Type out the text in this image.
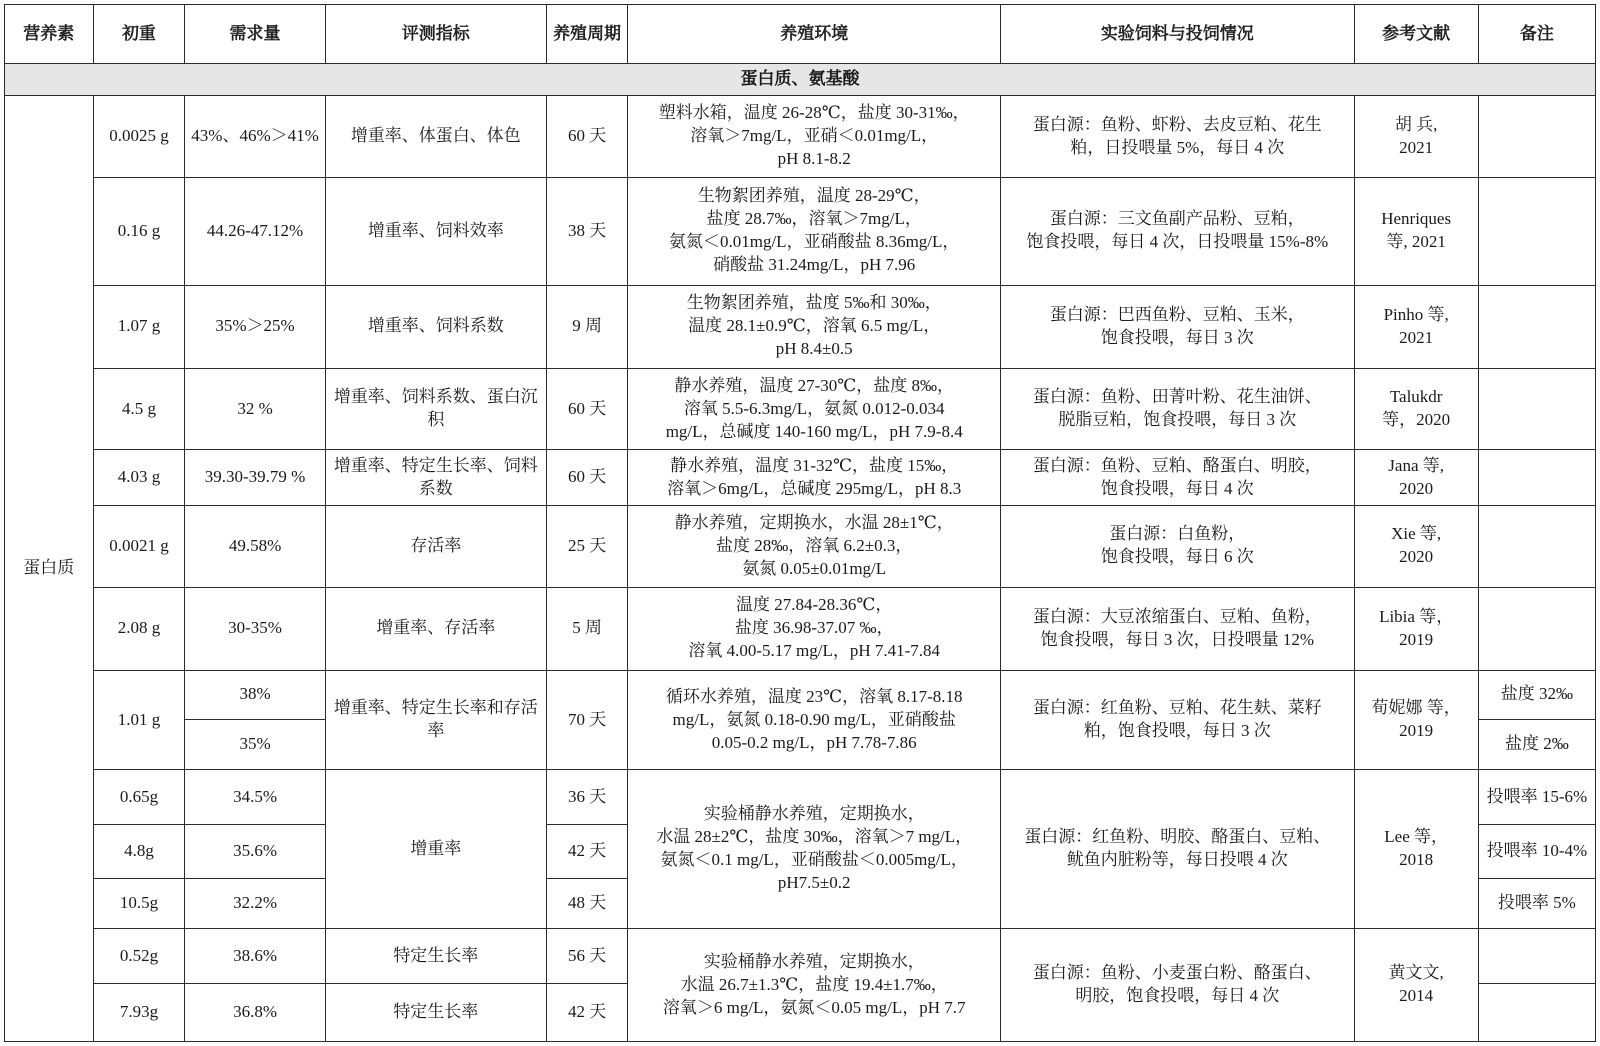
营养素	初重	需求量	评测指标	养殖周期	养殖环境	实验饲料与投饲情况	参考文献	备注
蛋白质、氨基酸								
蛋白质	0.0025 g	43%、46%＞41%	增重率、体蛋白、体色	60 天	塑料水箱，温度 26-28℃，盐度 30-31‰，
溶氧＞7mg/L，亚硝＜0.01mg/L，
pH 8.1-8.2	蛋白源：鱼粉、虾粉、去皮豆粕、花生
粕，日投喂量 5%，每日 4 次	胡 兵,
2021	

	0.16 g	44.26-47.12%	增重率、饲料效率	38 天	生物絮团养殖，温度 28-29℃，
盐度 28.7‰，溶氧＞7mg/L，
氨氮＜0.01mg/L，亚硝酸盐 8.36mg/L，
硝酸盐 31.24mg/L，pH 7.96	蛋白源：三文鱼副产品粉、豆粕，
饱食投喂，每日 4 次，日投喂量 15%-8%	Henriques
等, 2021	

	1.07 g	35%＞25%	增重率、饲料系数	9 周	生物絮团养殖，盐度 5‰和 30‰，
温度 28.1±0.9℃，溶氧 6.5 mg/L，
pH 8.4±0.5	蛋白源：巴西鱼粉、豆粕、玉米，
饱食投喂，每日 3 次	Pinho 等,
2021	

	4.5 g	32 %	增重率、饲料系数、蛋白沉积	60 天	静水养殖，温度 27-30℃，盐度 8‰，
溶氧 5.5-6.3mg/L，氨氮 0.012-0.034
mg/L，总碱度 140-160 mg/L，pH 7.9-8.4	蛋白源：鱼粉、田菁叶粉、花生油饼、
脱脂豆粕，饱食投喂，每日 3 次	Talukdr
等，2020	

	4.03 g	39.30-39.79 %	增重率、特定生长率、饲料系数	60 天	静水养殖，温度 31-32℃，盐度 15‰，
溶氧＞6mg/L，总碱度 295mg/L，pH 8.3	蛋白源：鱼粉、豆粕、酪蛋白、明胶，
饱食投喂，每日 4 次	Jana 等,
2020	

	0.0021 g	49.58%	存活率	25 天	静水养殖，定期换水，水温 28±1℃，
盐度 28‰，溶氧 6.2±0.3，
氨氮 0.05±0.01mg/L	蛋白源：白鱼粉，
饱食投喂，每日 6 次	Xie 等,
2020	

	2.08 g	30-35%	增重率、存活率	5 周	温度 27.84-28.36℃，
盐度 36.98-37.07 ‰，
溶氧 4.00-5.17 mg/L，pH 7.41-7.84	蛋白源：大豆浓缩蛋白、豆粕、鱼粉，
饱食投喂，每日 3 次，日投喂量 12%	Libia 等，
2019	

	1.01 g	38%	增重率、特定生长率和存活率	70 天	循环水养殖，温度 23℃，溶氧 8.17-8.18
mg/L，氨氮 0.18-0.90 mg/L，亚硝酸盐
0.05-0.2 mg/L，pH 7.78-7.86	蛋白源：红鱼粉、豆粕、花生麸、菜籽
粕，饱食投喂，每日 3 次	荀妮娜 等，
2019	盐度 32‰
		35%						盐度 2‰
	0.65g	34.5%	增重率	36 天	实验桶静水养殖，定期换水，
水温 28±2℃，盐度 30‰，溶氧＞7 mg/L，
氨氮＜0.1 mg/L，亚硝酸盐＜0.005mg/L，
pH7.5±0.2	蛋白源：红鱼粉、明胶、酪蛋白、豆粕、
鱿鱼内脏粉等，每日投喂 4 次	Lee 等，
2018	投喂率 15-6%
	4.8g	35.6%		42 天				投喂率 10-4%
	10.5g	32.2%		48 天				投喂率 5%
	0.52g	38.6%	特定生长率	56 天	实验桶静水养殖，定期换水，
水温 26.7±1.3℃，盐度 19.4±1.7‰，
溶氧＞6 mg/L，氨氮＜0.05 mg/L，pH 7.7	蛋白源：鱼粉、小麦蛋白粉、酪蛋白、
明胶，饱食投喂，每日 4 次	黄文文,
2014	

	7.93g	36.8%	特定生长率	42 天				
